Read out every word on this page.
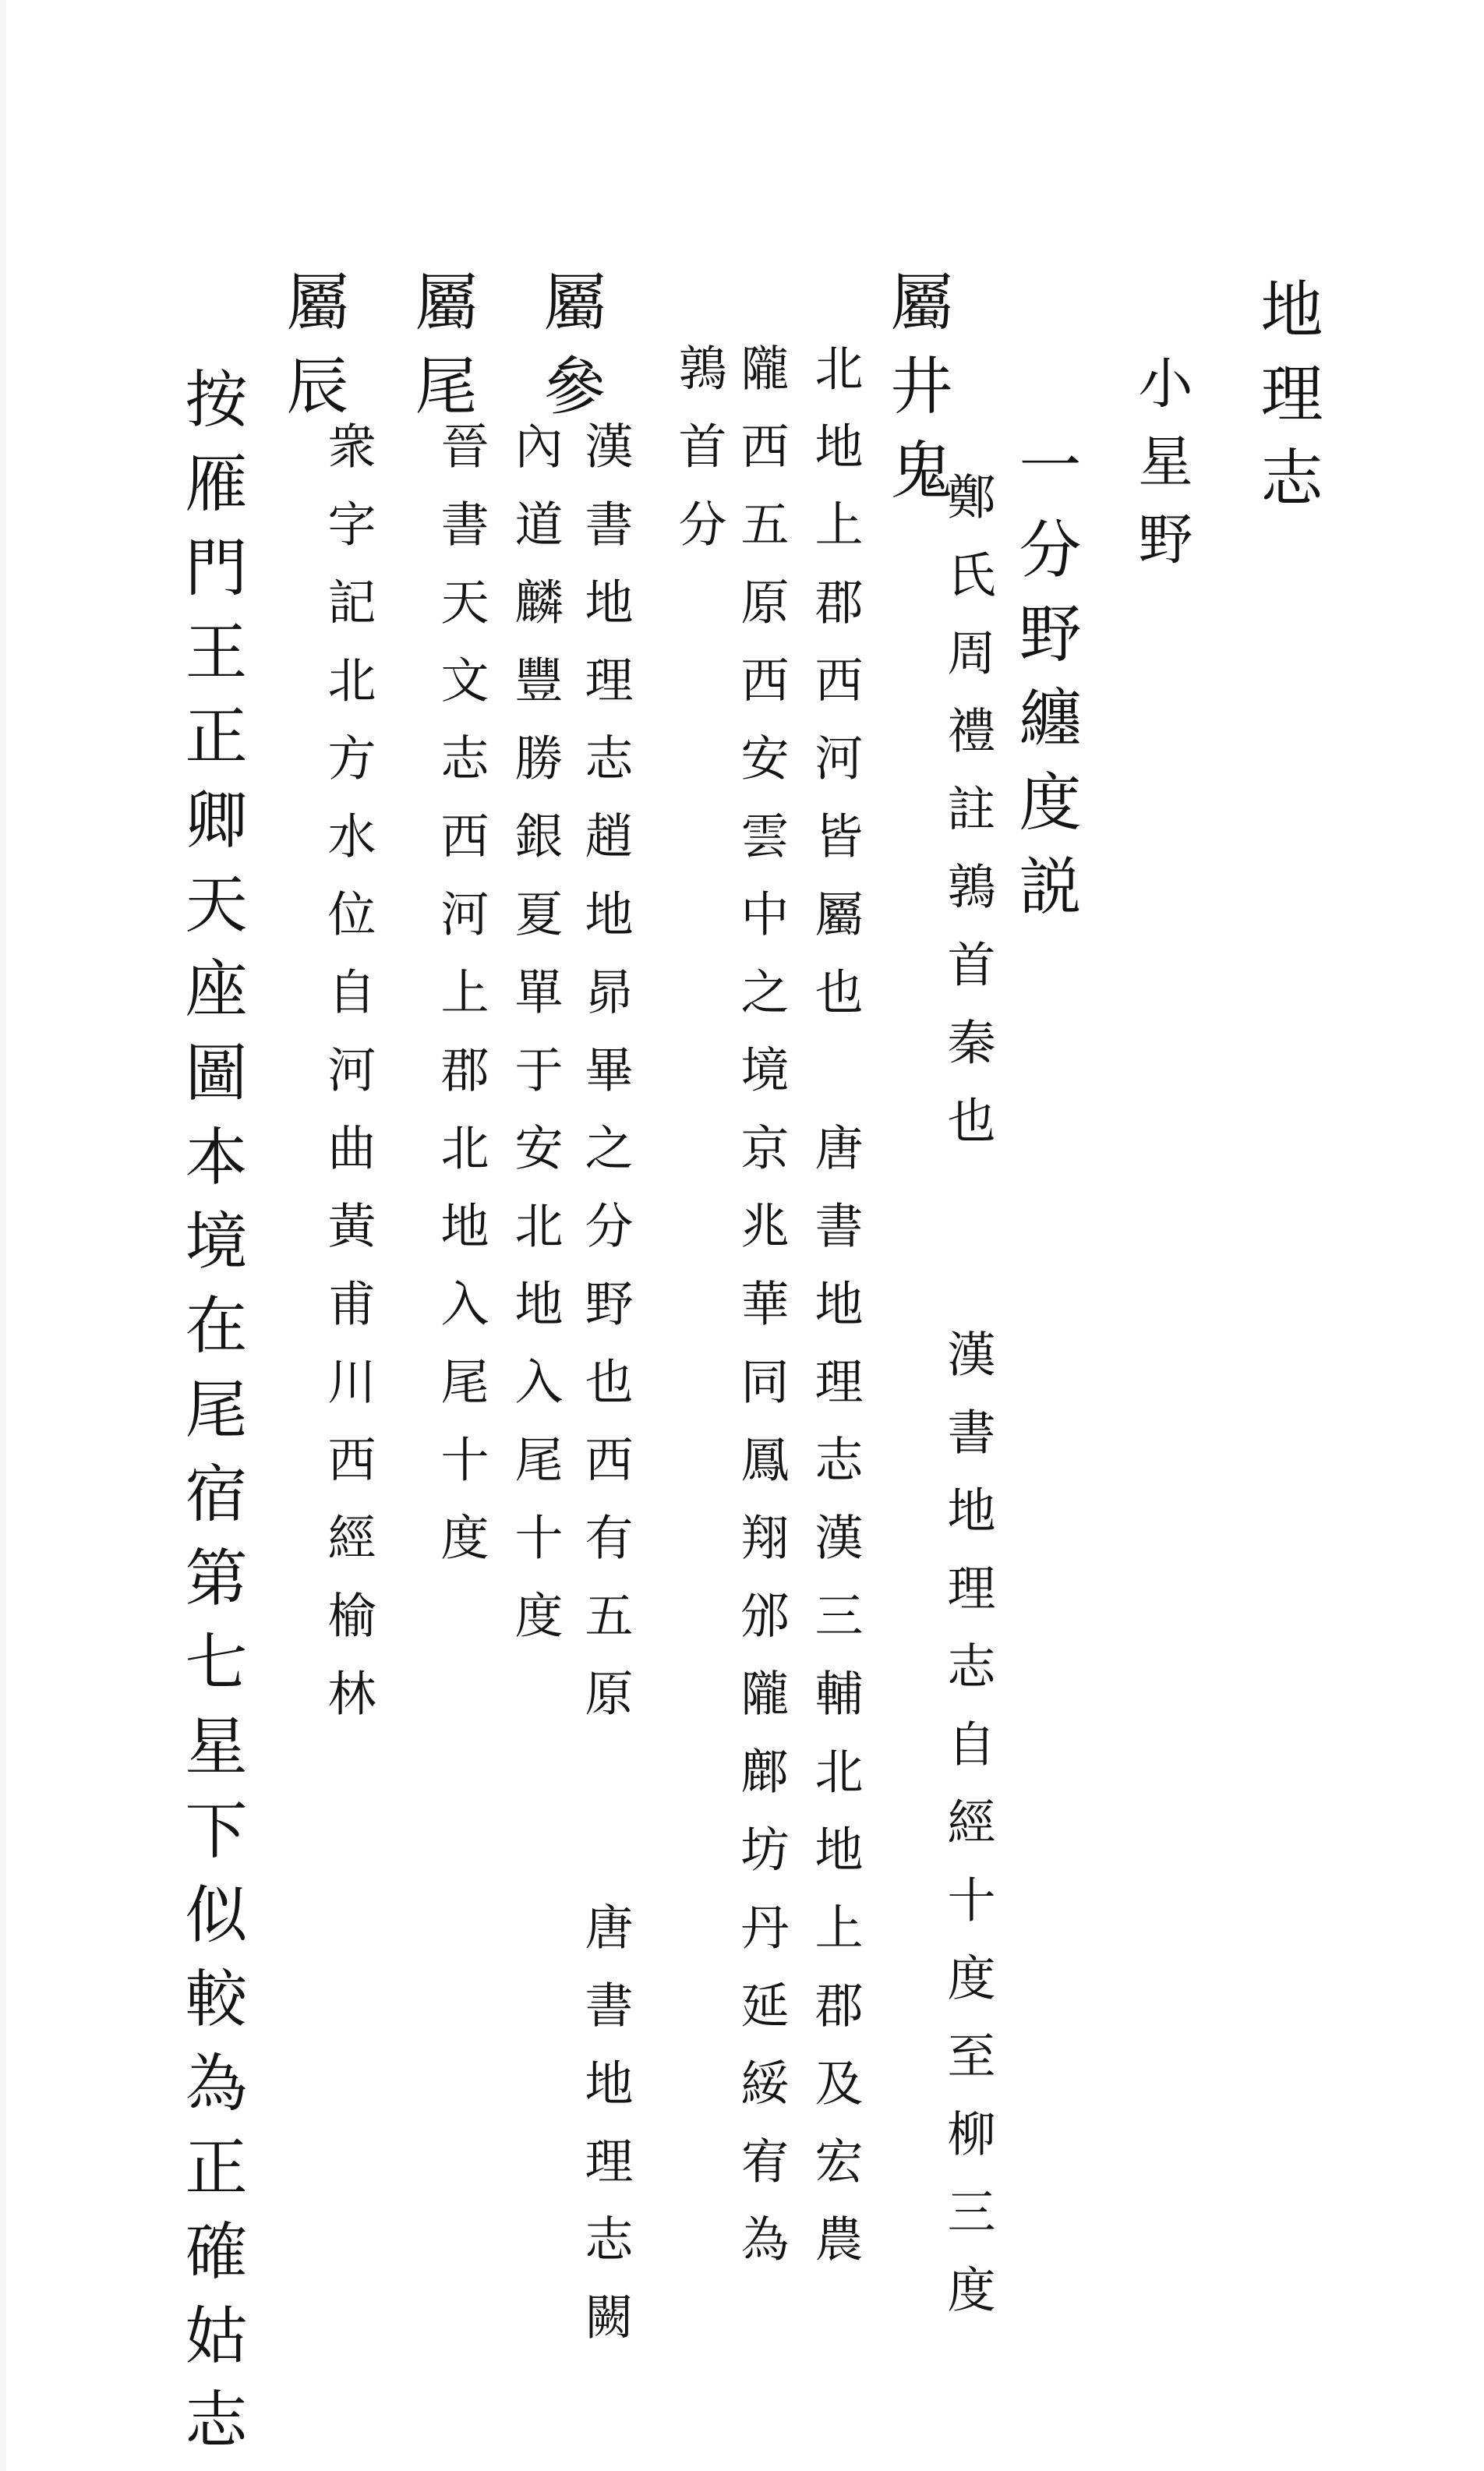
地理志
小星野
一分野纏度説
屬井鬼
鄭氏周禮註鶉首秦也　　漢書地理志自經十度至柳三度
北地上郡西河皆屬也　唐書地理志漢三輔北地上郡及宏農
隴西五原西安雲中之境京兆華同鳳翔邠隴鄜坊丹延綏宥為
鶉首分
屬參
漢書地理志趙地昴畢之分野也西有五原　　唐書地理志闕
內道麟豐勝銀夏單于安北地入尾十度
屬尾
晉書天文志西河上郡北地入尾十度
屬辰
衆字記北方水位自河曲黃甫川西經榆林
按雁門王正卿天座圖本境在尾宿第七星下似較為正確姑志
